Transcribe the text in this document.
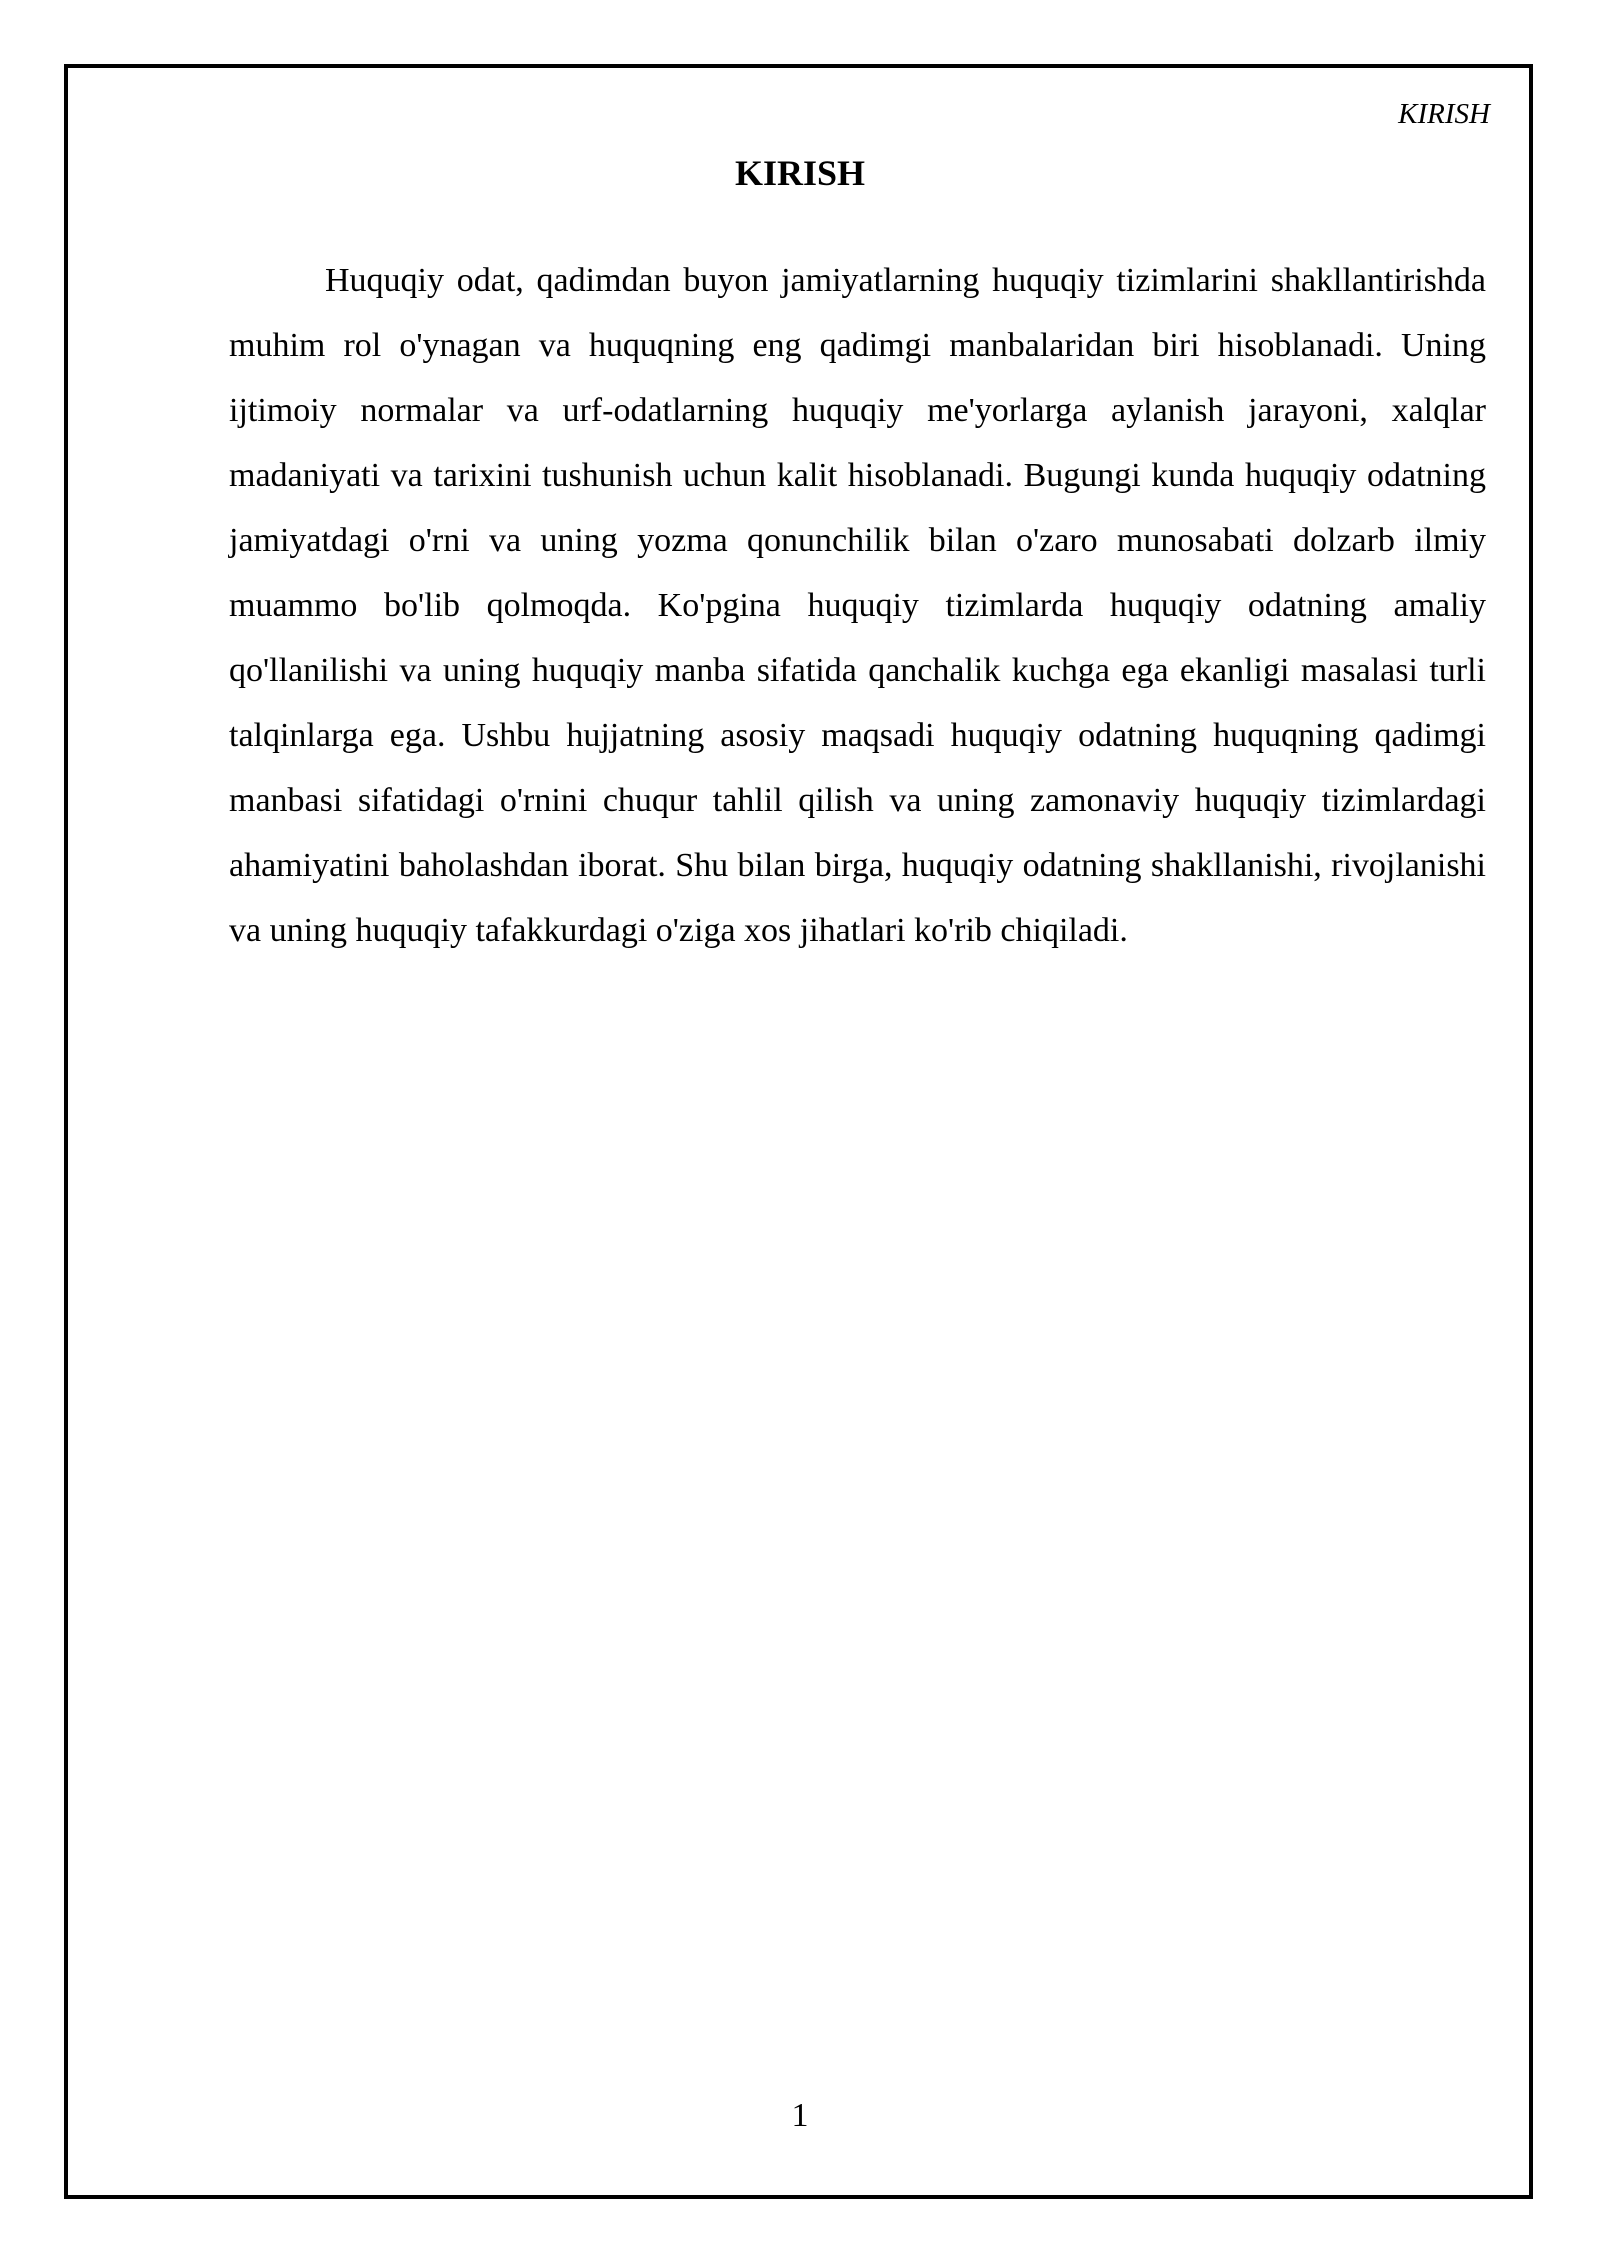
KIRISH
KIRISH

Huquqiy odat, qadimdan buyon jamiyatlarning huquqiy tizimlarini shakllantirishda muhim rol o'ynagan va huquqning eng qadimgi manbalaridan biri hisoblanadi. Uning ijtimoiy normalar va urf-odatlarning huquqiy me'yorlarga aylanish jarayoni, xalqlar madaniyati va tarixini tushunish uchun kalit hisoblanadi. Bugungi kunda huquqiy odatning jamiyatdagi o'rni va uning yozma qonunchilik bilan o'zaro munosabati dolzarb ilmiy muammo bo'lib qolmoqda. Ko'pgina huquqiy tizimlarda huquqiy odatning amaliy qo'llanilishi va uning huquqiy manba sifatida qanchalik kuchga ega ekanligi masalasi turli talqinlarga ega. Ushbu hujjatning asosiy maqsadi huquqiy odatning huquqning qadimgi manbasi sifatidagi o'rnini chuqur tahlil qilish va uning zamonaviy huquqiy tizimlardagi ahamiyatini baholashdan iborat. Shu bilan birga, huquqiy odatning shakllanishi, rivojlanishi va uning huquqiy tafakkurdagi o'ziga xos jihatlari ko'rib chiqiladi.

1
